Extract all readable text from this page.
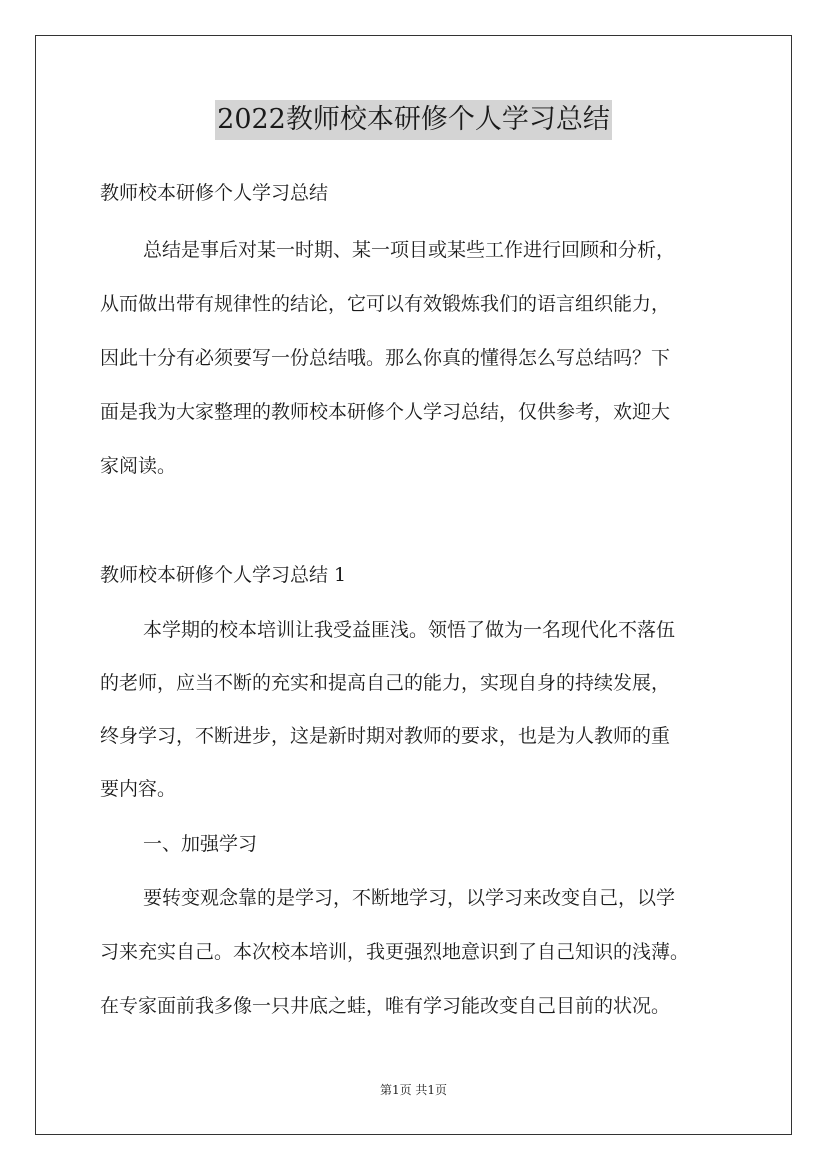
2022教师校本研修个人学习总结
教师校本研修个人学习总结
总结是事后对某一时期、某一项目或某些工作进行回顾和分析，
从而做出带有规律性的结论，它可以有效锻炼我们的语言组织能力，
因此十分有必须要写一份总结哦。那么你真的懂得怎么写总结吗？下
面是我为大家整理的教师校本研修个人学习总结，仅供参考，欢迎大
家阅读。
教师校本研修个人学习总结 1
本学期的校本培训让我受益匪浅。领悟了做为一名现代化不落伍
的老师，应当不断的充实和提高自己的能力，实现自身的持续发展，
终身学习，不断进步，这是新时期对教师的要求，也是为人教师的重
要内容。
一、加强学习
要转变观念靠的是学习，不断地学习，以学习来改变自己，以学
习来充实自己。本次校本培训，我更强烈地意识到了自己知识的浅薄。
在专家面前我多像一只井底之蛙，唯有学习能改变自己目前的状况。
第1页 共1页
